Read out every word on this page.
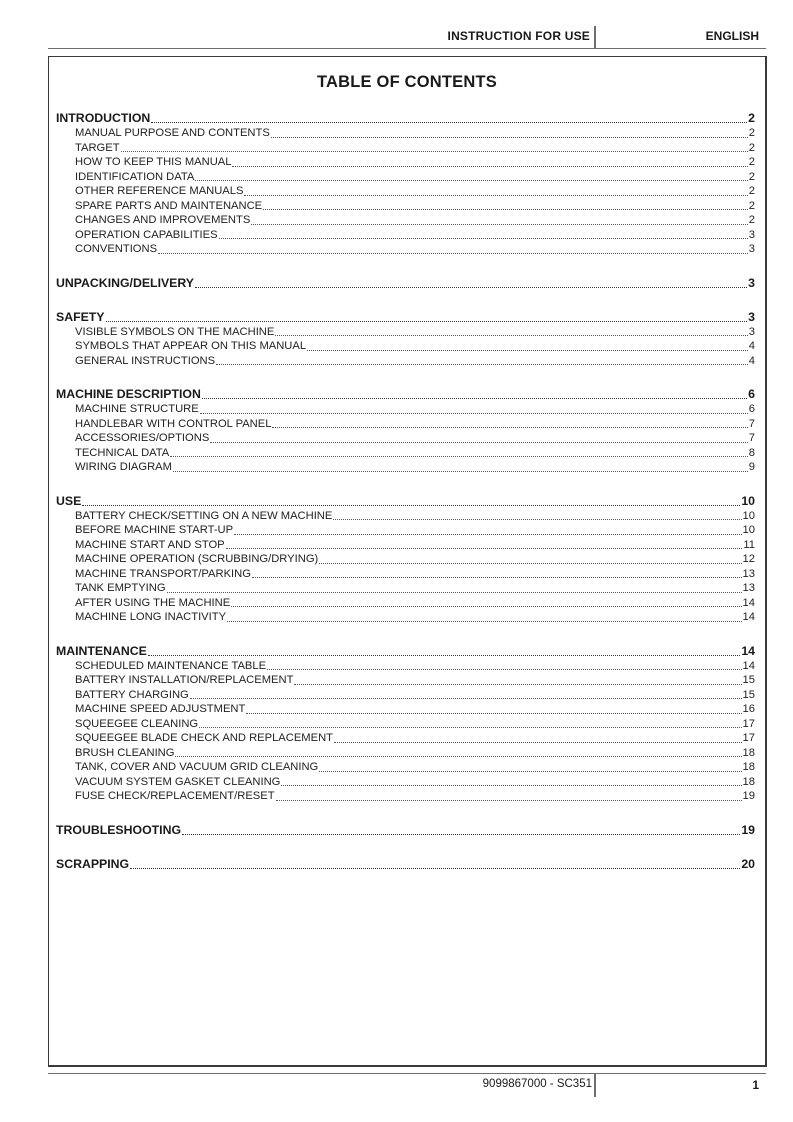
INSTRUCTION FOR USE	ENGLISH
TABLE OF CONTENTS
INTRODUCTION	2
MANUAL PURPOSE AND CONTENTS	2
TARGET	2
HOW TO KEEP THIS MANUAL	2
IDENTIFICATION DATA	2
OTHER REFERENCE MANUALS	2
SPARE PARTS AND MAINTENANCE	2
CHANGES AND IMPROVEMENTS	2
OPERATION CAPABILITIES	3
CONVENTIONS	3
UNPACKING/DELIVERY	3
SAFETY	3
VISIBLE SYMBOLS ON THE MACHINE	3
SYMBOLS THAT APPEAR ON THIS MANUAL	4
GENERAL INSTRUCTIONS	4
MACHINE DESCRIPTION	6
MACHINE STRUCTURE	6
HANDLEBAR WITH CONTROL PANEL	7
ACCESSORIES/OPTIONS	7
TECHNICAL DATA	8
WIRING DIAGRAM	9
USE	10
BATTERY CHECK/SETTING ON A NEW MACHINE	10
BEFORE MACHINE START-UP	10
MACHINE START AND STOP	11
MACHINE OPERATION (SCRUBBING/DRYING)	12
MACHINE TRANSPORT/PARKING	13
TANK EMPTYING	13
AFTER USING THE MACHINE	14
MACHINE LONG INACTIVITY	14
MAINTENANCE	14
SCHEDULED MAINTENANCE TABLE	14
BATTERY INSTALLATION/REPLACEMENT	15
BATTERY CHARGING	15
MACHINE SPEED ADJUSTMENT	16
SQUEEGEE CLEANING	17
SQUEEGEE BLADE CHECK AND REPLACEMENT	17
BRUSH CLEANING	18
TANK, COVER AND VACUUM GRID CLEANING	18
VACUUM SYSTEM GASKET CLEANING	18
FUSE CHECK/REPLACEMENT/RESET	19
TROUBLESHOOTING	19
SCRAPPING	20
9099867000 - SC351	1
